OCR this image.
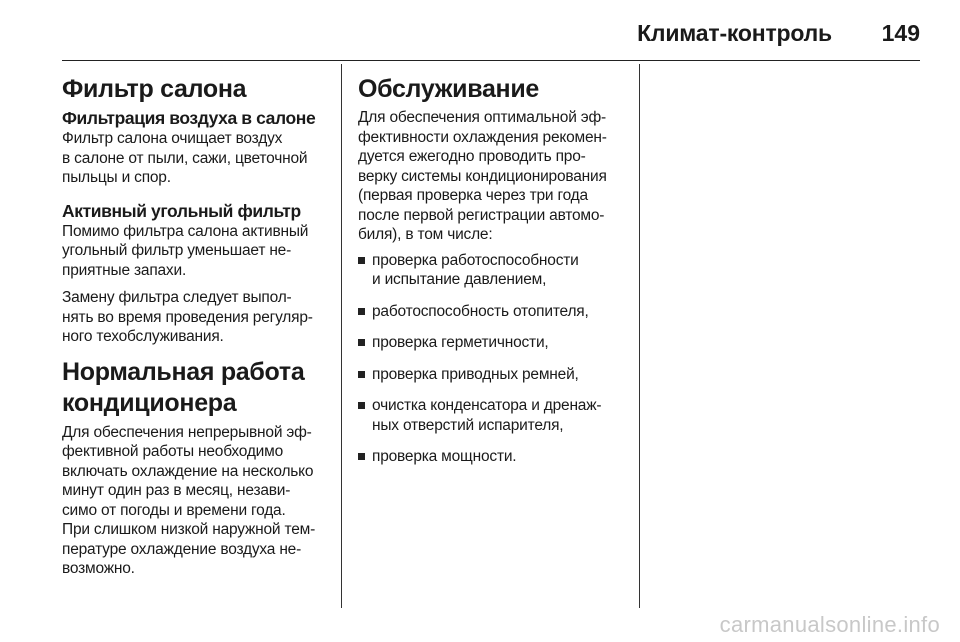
Климат-контроль 149
Фильтр салона
Фильтрация воздуха в салоне

Фильтр салона очищает воздух
в салоне от пыли, сажи, цветочной
пыльцы и спор.

Активный угольный фильтр

Помимо фильтра салона активный
угольный фильтр уменьшает не-
приятные запахи.

Замену фильтра следует выпол-
нять во время проведения регуляр-
ного техобслуживания.

Нормальная работа
кондиционера

Для обеспечения непрерывной эф-
фективной работы необходимо
включать охлаждение на несколько
минут один раз в месяц, незави-
симо от погоды и времени года.
При слишком низкой наружной тем-
пературе охлаждение воздуха не-
возможно.

Обслуживание

Для обеспечения оптимальной эф-
фективности охлаждения рекомен-
дуется ежегодно проводить про-
верку системы кондиционирования
(первая проверка через три года
после первой регистрации автомо-
биля), в том числе:

проверка работоспособности
и испытание давлением,
работоспособность отопителя,
проверка герметичности,
проверка приводных ремней,
очистка конденсатора и дренаж-
ных отверстий испарителя,
проверка мощности.
carmanualsonline.info
